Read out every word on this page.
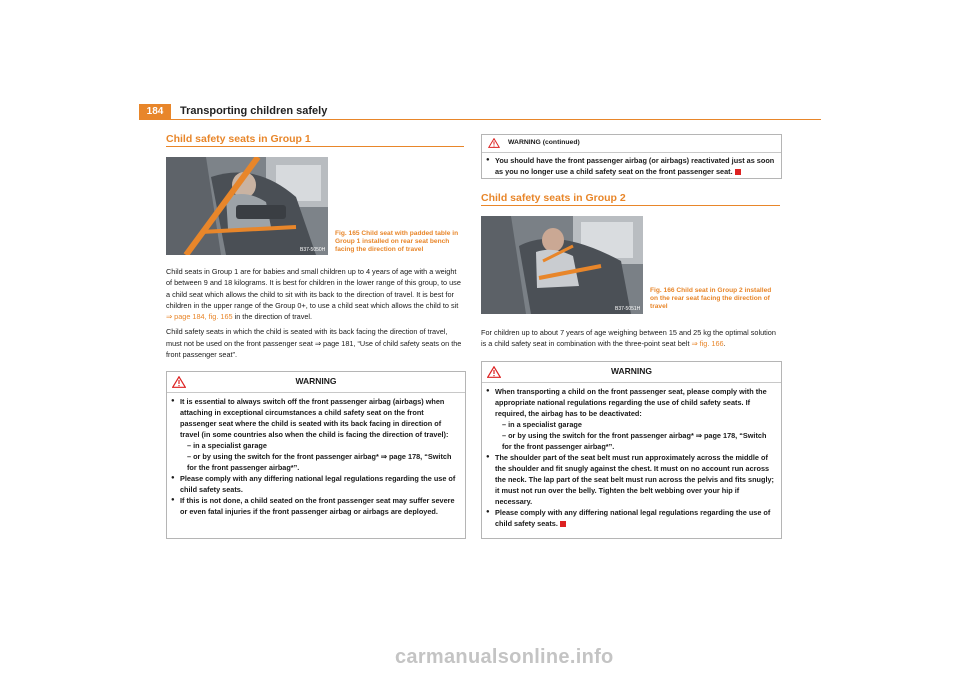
184	Transporting children safely
Child safety seats in Group 1
B37-5050H
Fig. 165 Child seat with padded table in Group 1 installed on rear seat bench facing the direction of travel

Child seats in Group 1 are for babies and small children up to 4 years of age with a weight of between 9 and 18 kilograms. It is best for children in the lower range of this group, to use a child seat which allows the child to sit with its back to the direction of travel. It is best for children in the upper range of the Group 0+, to use a child seat which allows the child to sit ⇒ page 184, fig. 165 in the direction of travel.

Child safety seats in which the child is seated with its back facing the direction of travel, must not be used on the front passenger seat ⇒ page 181, “Use of child safety seats on the front passenger seat”.

WARNING
● It is essential to always switch off the front passenger airbag (airbags) when attaching in exceptional circumstances a child safety seat on the front passenger seat where the child is seated with its back facing in direction of travel (in some countries also when the child is facing the direction of travel):
– in a specialist garage
– or by using the switch for the front passenger airbag* ⇒ page 178, “Switch for the front passenger airbag*”.
● Please comply with any differing national legal regulations regarding the use of child safety seats.
● If this is not done, a child seated on the front passenger seat may suffer severe or even fatal injuries if the front passenger airbag or airbags are deployed.
WARNING (continued)
● You should have the front passenger airbag (or airbags) reactivated just as soon as you no longer use a child safety seat on the front passenger seat.
Child safety seats in Group 2
B37-5051H
Fig. 166 Child seat in Group 2 installed on the rear seat facing the direction of travel

For children up to about 7 years of age weighing between 15 and 25 kg the optimal solution is a child safety seat in combination with the three-point seat belt ⇒ fig. 166.

WARNING
● When transporting a child on the front passenger seat, please comply with the appropriate national regulations regarding the use of child safety seats. If required, the airbag has to be deactivated:
– in a specialist garage
– or by using the switch for the front passenger airbag* ⇒ page 178, “Switch for the front passenger airbag*”.
● The shoulder part of the seat belt must run approximately across the middle of the shoulder and fit snugly against the chest. It must on no account run across the neck. The lap part of the seat belt must run across the pelvis and fits snugly; it must not run over the belly. Tighten the belt webbing over your hip if necessary.
● Please comply with any differing national legal regulations regarding the use of child safety seats.
carmanualsonline.info
